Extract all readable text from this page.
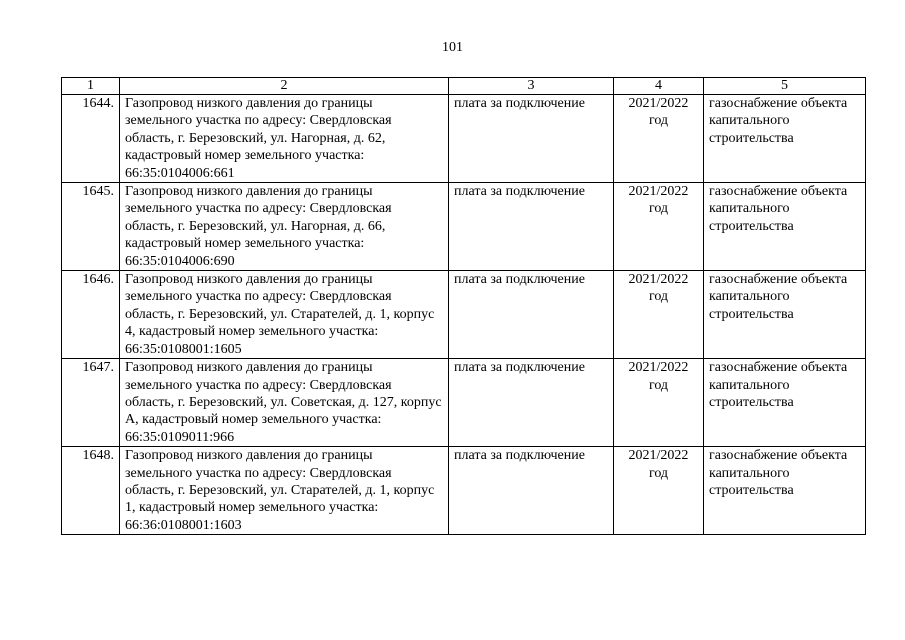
101
1	2	3	4	5
1644.	Газопровод низкого давления до границы земельного участка по адресу: Свердловская область, г. Березовский, ул. Нагорная, д. 62, кадастровый номер земельного участка: 66:35:0104006:661	плата за подключение	2021/2022 год	газоснабжение объекта капитального строительства
1645.	Газопровод низкого давления до границы земельного участка по адресу: Свердловская область, г. Березовский, ул. Нагорная, д. 66, кадастровый номер земельного участка: 66:35:0104006:690	плата за подключение	2021/2022 год	газоснабжение объекта капитального строительства
1646.	Газопровод низкого давления до границы земельного участка по адресу: Свердловская область, г. Березовский, ул. Старателей, д. 1, корпус 4, кадастровый номер земельного участка: 66:35:0108001:1605	плата за подключение	2021/2022 год	газоснабжение объекта капитального строительства
1647.	Газопровод низкого давления до границы земельного участка по адресу: Свердловская область, г. Березовский, ул. Советская, д. 127, корпус А, кадастровый номер земельного участка: 66:35:0109011:966	плата за подключение	2021/2022 год	газоснабжение объекта капитального строительства
1648.	Газопровод низкого давления до границы земельного участка по адресу: Свердловская область, г. Березовский, ул. Старателей, д. 1, корпус 1, кадастровый номер земельного участка: 66:36:0108001:1603	плата за подключение	2021/2022 год	газоснабжение объекта капитального строительства
